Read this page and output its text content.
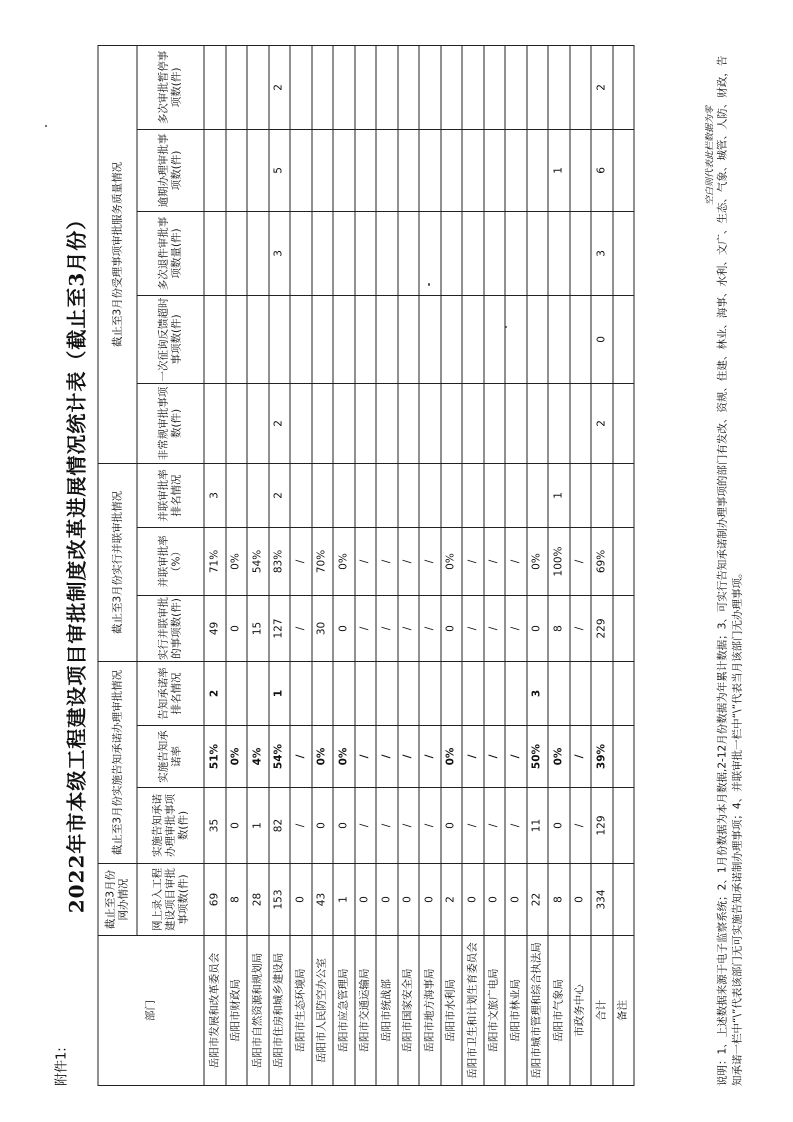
附件1:
2022年市本级工程建设项目审批制度改革进展情况统计表（截止至3月份）
部门	截止至3月份网办情况	截止至3月份实施告知承诺办理审批情况			截止至3月份实行并联审批情况			截止至3月份受理事项审批服务质量情况				
	网上录入工程建设项目审批事项数(件)	实施告知承诺办理审批事项数(件)	实施告知承诺率	告知承诺率排名情况	实行并联审批的事项数(件)	并联审批率（%）	并联审批率排名情况	非常规审批事项数(件)	一次征询反馈超时事项数(件)	多次退件审批事项数量(件)	逾期办理审批事项数(件)	多次审批暂停事项数(件)
岳阳市发展和改革委员会	69	35	51%	2	49	71%	3					
岳阳市财政局	8	0	0%		0	0%						
岳阳市自然资源和规划局	28	1	4%		15	54%						
岳阳市住房和城乡建设局	153	82	54%	1	127	83%	2	2		3	5	2
岳阳市生态环境局	0	/	/		/	/						
岳阳市人民防空办公室	43	0	0%		30	70%						
岳阳市应急管理局	1	0	0%		0	0%						
岳阳市交通运输局	0	/	/		/	/						
岳阳市统战部	0	/	/		/	/						
岳阳市国家安全局	0	/	/		/	/						
岳阳市地方海事局	0	/	/		/	/						
岳阳市水利局	2	0	0%		0	0%						
岳阳市卫生和计划生育委员会	0	/	/		/	/						
岳阳市文旅广电局	0	/	/		/	/						
岳阳市林业局	0	/	/		/	/						
岳阳市城市管理和综合执法局	22	11	50%	3	0	0%						
岳阳市气象局	8	0	0%		8	100%	1				1	
市政务中心	0	/	/		/	/						
合计	334	129	39%		229	69%		2	0	3	6	2
备注												
空白则代表此栏数据为零 说明：1、上述数据来源于电子监察系统；2、1月份数据为本月数据,2-12月份数据为年累计数据；3、可实行告知承诺制办理事项的部门有发改、资规、住建、林业、海事、水利、文广、生态、气象、城管、人防、财政，告知承诺一栏中“\”代表该部门无可实施告知承诺制办理事项；4、并联审批一栏中“\”代表当月该部门无办理事项。
